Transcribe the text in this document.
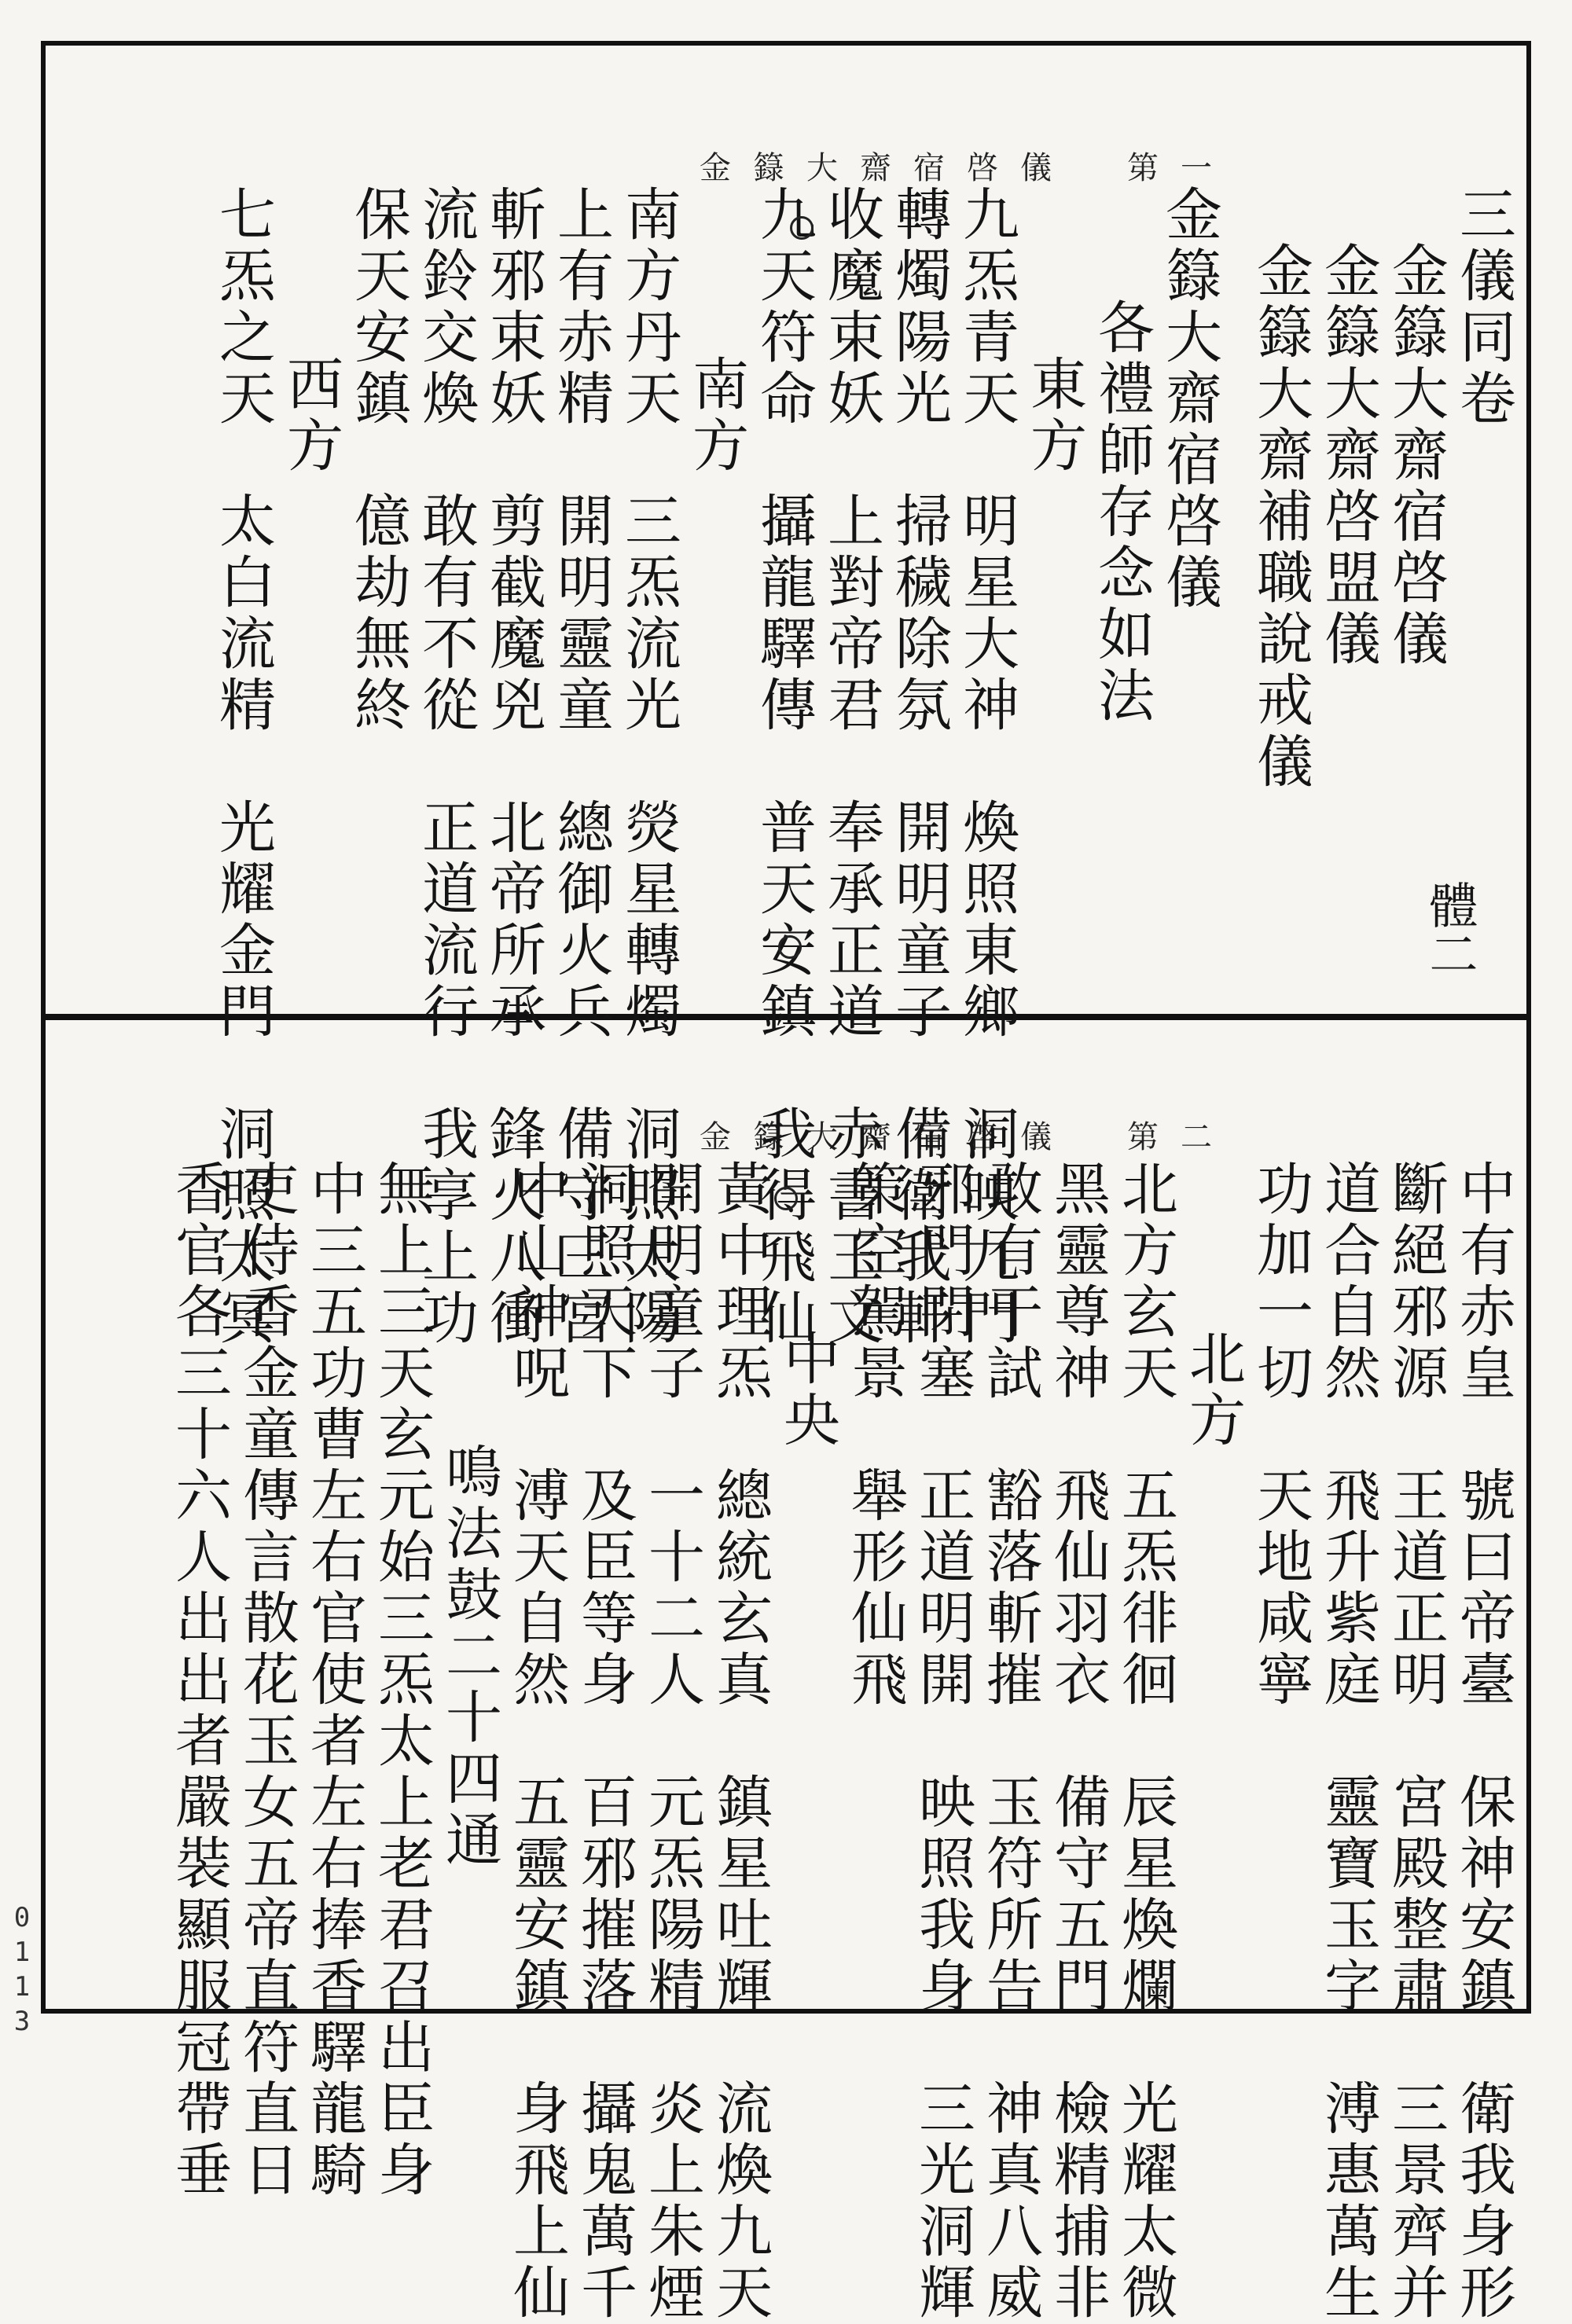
金籙大齋宿啓儀　第一
金籙大齋宿啓儀　第二
三儀同卷
金籙大齋宿啓儀
金籙大齋啓盟儀
金籙大齋補職說戒儀
金籙大齋宿啓儀
各禮師存念如法
東方
九炁青天　明星大神　煥照東鄉　洞映九門
轉燭陽光　掃穢除氛　開明童子　備衛我軒
收魔束妖　上對帝君　奉承正道　赤書玉文
九天符命　攝龍驛傳　普天安鎮　我得飛仙
南方
南方丹天　三炁流光　熒星轉燭　洞照太陽
上有赤精　開明靈童　總御火兵　備守三宮
斬邪束妖　剪截魔兇　北帝所承　鋒火八衝
流鈴交煥　敢有不從　正道流行　我享上功
保天安鎮　億劫無終
西方
七炁之天　太白流精　光耀金門　洞照太冥
中有赤皇　號曰帝臺　保神安鎮　衛我身形
斷絕邪源　王道正明　宮殿整肅　三景齊并
道合自然　飛升紫庭　靈寶玉字　溥惠萬生
功加一切　天地咸寧
北方
北方玄天　五炁徘徊　辰星煥爛　光耀太微
黑靈尊神　飛仙羽衣　備守五門　檢精捕非
敢有干試　豁落斬摧　玉符所告　神真八威
邪門閉塞　正道明開　映照我身　三光洞輝
策空駕景　舉形仙飛
中央
黃中理炁　總統玄真　鎮星吐輝　流煥九天
開明童子　一十二人　元炁陽精　炎上朱煙
洞照天下　及臣等身　百邪摧落　攝鬼萬千
中山神呪　溥天自然　五靈安鎮　身飛上仙
鳴法鼓二十四通
無上三天玄元始三炁太上老君召出臣身
中三五功曹左右官使者左右捧香驛龍騎
吏侍香金童傳言散花玉女五帝直符直日
香官各三十六人出出者嚴裝顯服冠帶垂
體二
0113
